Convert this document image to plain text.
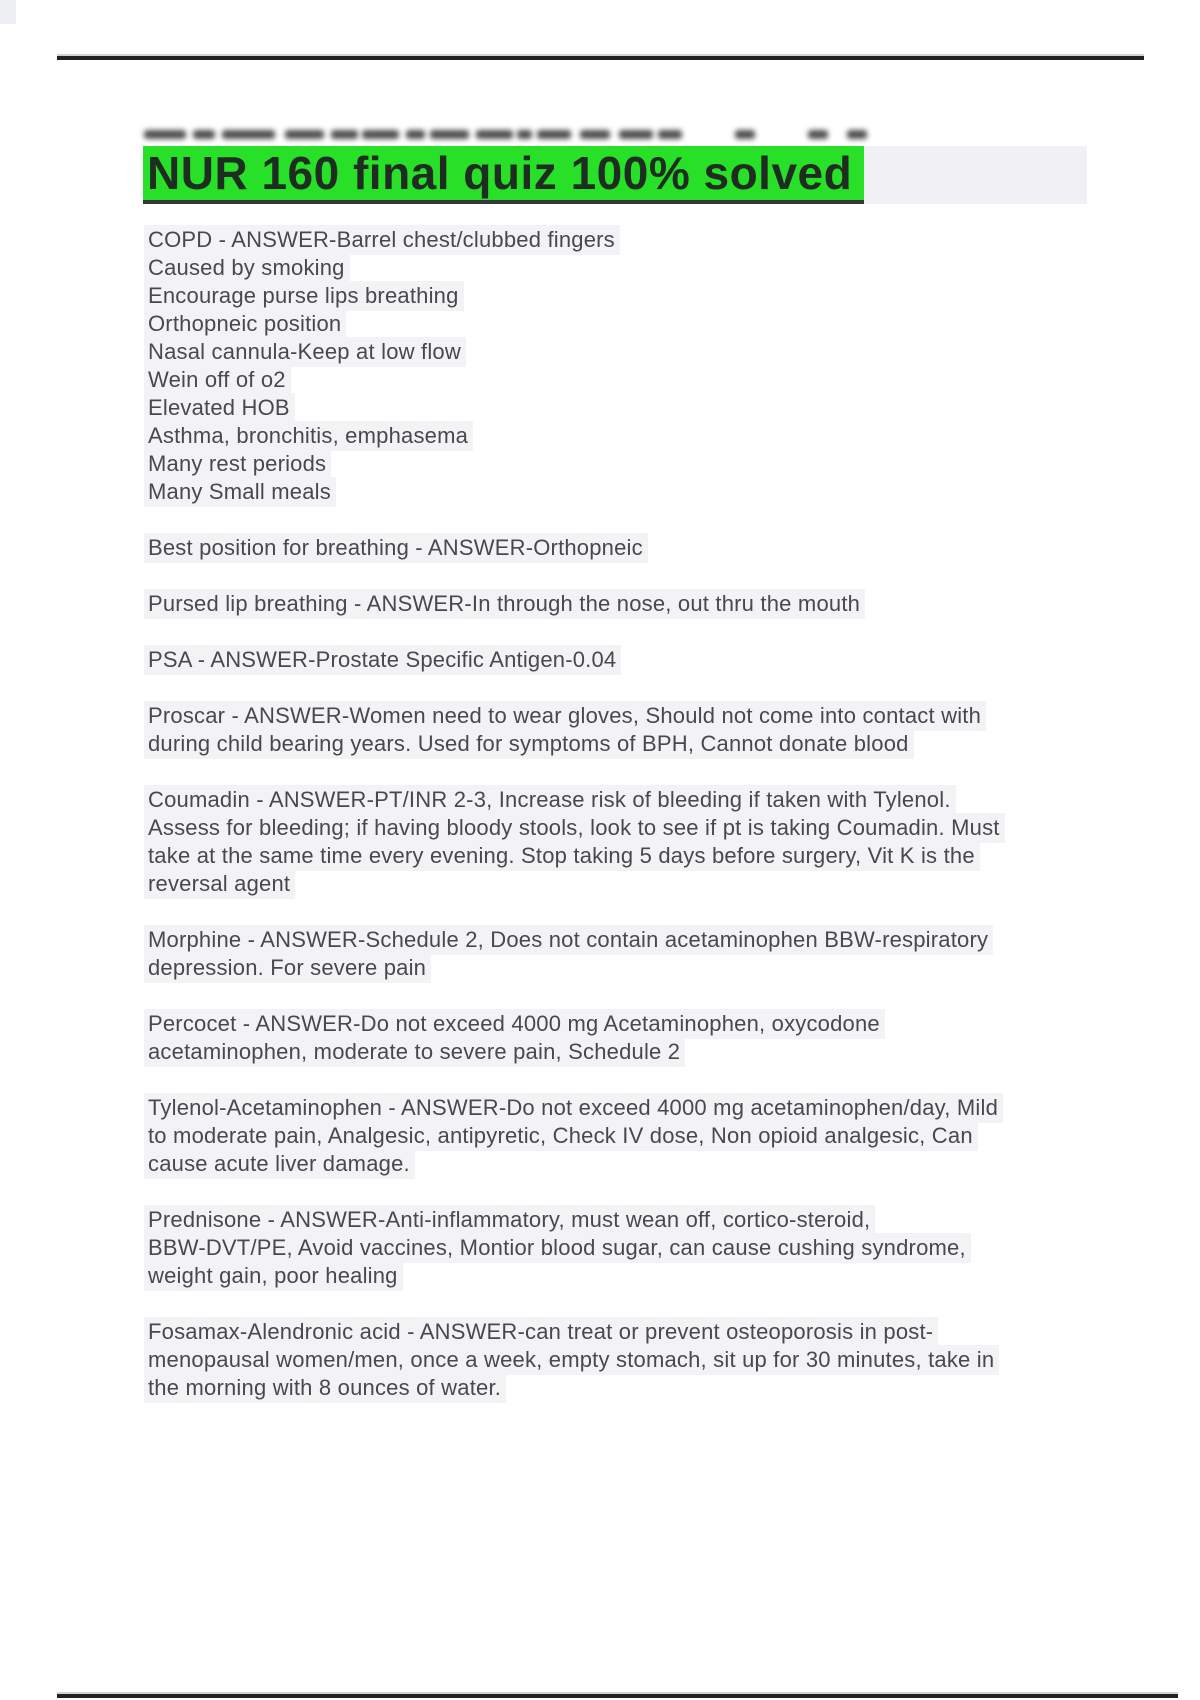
NUR 160 final quiz 100% solved
COPD - ANSWER-Barrel chest/clubbed fingers
Caused by smoking
Encourage purse lips breathing
Orthopneic position
Nasal cannula-Keep at low flow
Wein off of o2
Elevated HOB
Asthma, bronchitis, emphasema
Many rest periods
Many Small meals
Best position for breathing - ANSWER-Orthopneic
Pursed lip breathing - ANSWER-In through the nose, out thru the mouth
PSA - ANSWER-Prostate Specific Antigen-0.04
Proscar - ANSWER-Women need to wear gloves, Should not come into contact with
during child bearing years. Used for symptoms of BPH, Cannot donate blood
Coumadin - ANSWER-PT/INR 2-3, Increase risk of bleeding if taken with Tylenol.
Assess for bleeding; if having bloody stools, look to see if pt is taking Coumadin. Must
take at the same time every evening. Stop taking 5 days before surgery, Vit K is the
reversal agent
Morphine - ANSWER-Schedule 2, Does not contain acetaminophen BBW-respiratory
depression. For severe pain
Percocet - ANSWER-Do not exceed 4000 mg Acetaminophen, oxycodone
acetaminophen, moderate to severe pain, Schedule 2
Tylenol-Acetaminophen - ANSWER-Do not exceed 4000 mg acetaminophen/day, Mild
to moderate pain, Analgesic, antipyretic, Check IV dose, Non opioid analgesic, Can
cause acute liver damage.
Prednisone - ANSWER-Anti-inflammatory, must wean off, cortico-steroid,
BBW-DVT/PE, Avoid vaccines, Montior blood sugar, can cause cushing syndrome,
weight gain, poor healing
Fosamax-Alendronic acid - ANSWER-can treat or prevent osteoporosis in post-
menopausal women/men, once a week, empty stomach, sit up for 30 minutes, take in
the morning with 8 ounces of water.
